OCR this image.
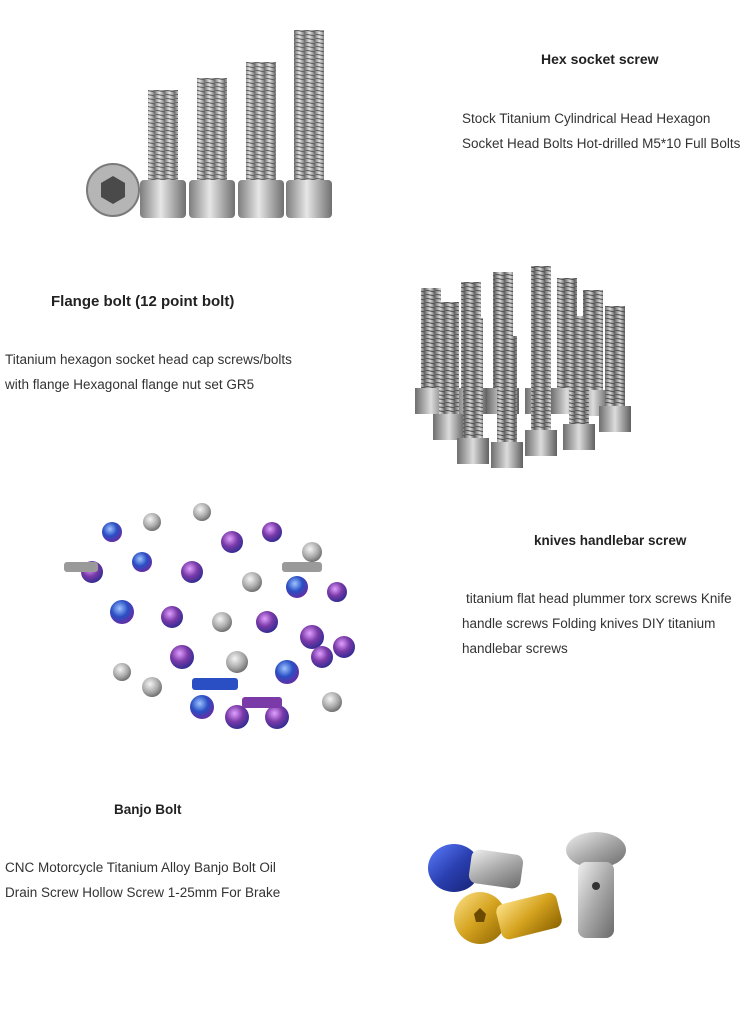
Hex socket screw
Stock Titanium Cylindrical Head Hexagon Socket Head Bolts Hot-drilled M5*10 Full Bolts
Flange bolt (12 point bolt)
Titanium hexagon socket head cap screws/bolts with flange Hexagonal flange nut set GR5
knives handlebar screw
titanium flat head plummer torx screws Knife handle screws Folding knives DIY titanium handlebar screws
Banjo Bolt
CNC Motorcycle Titanium Alloy Banjo Bolt Oil Drain Screw Hollow Screw 1-25mm For Brake
